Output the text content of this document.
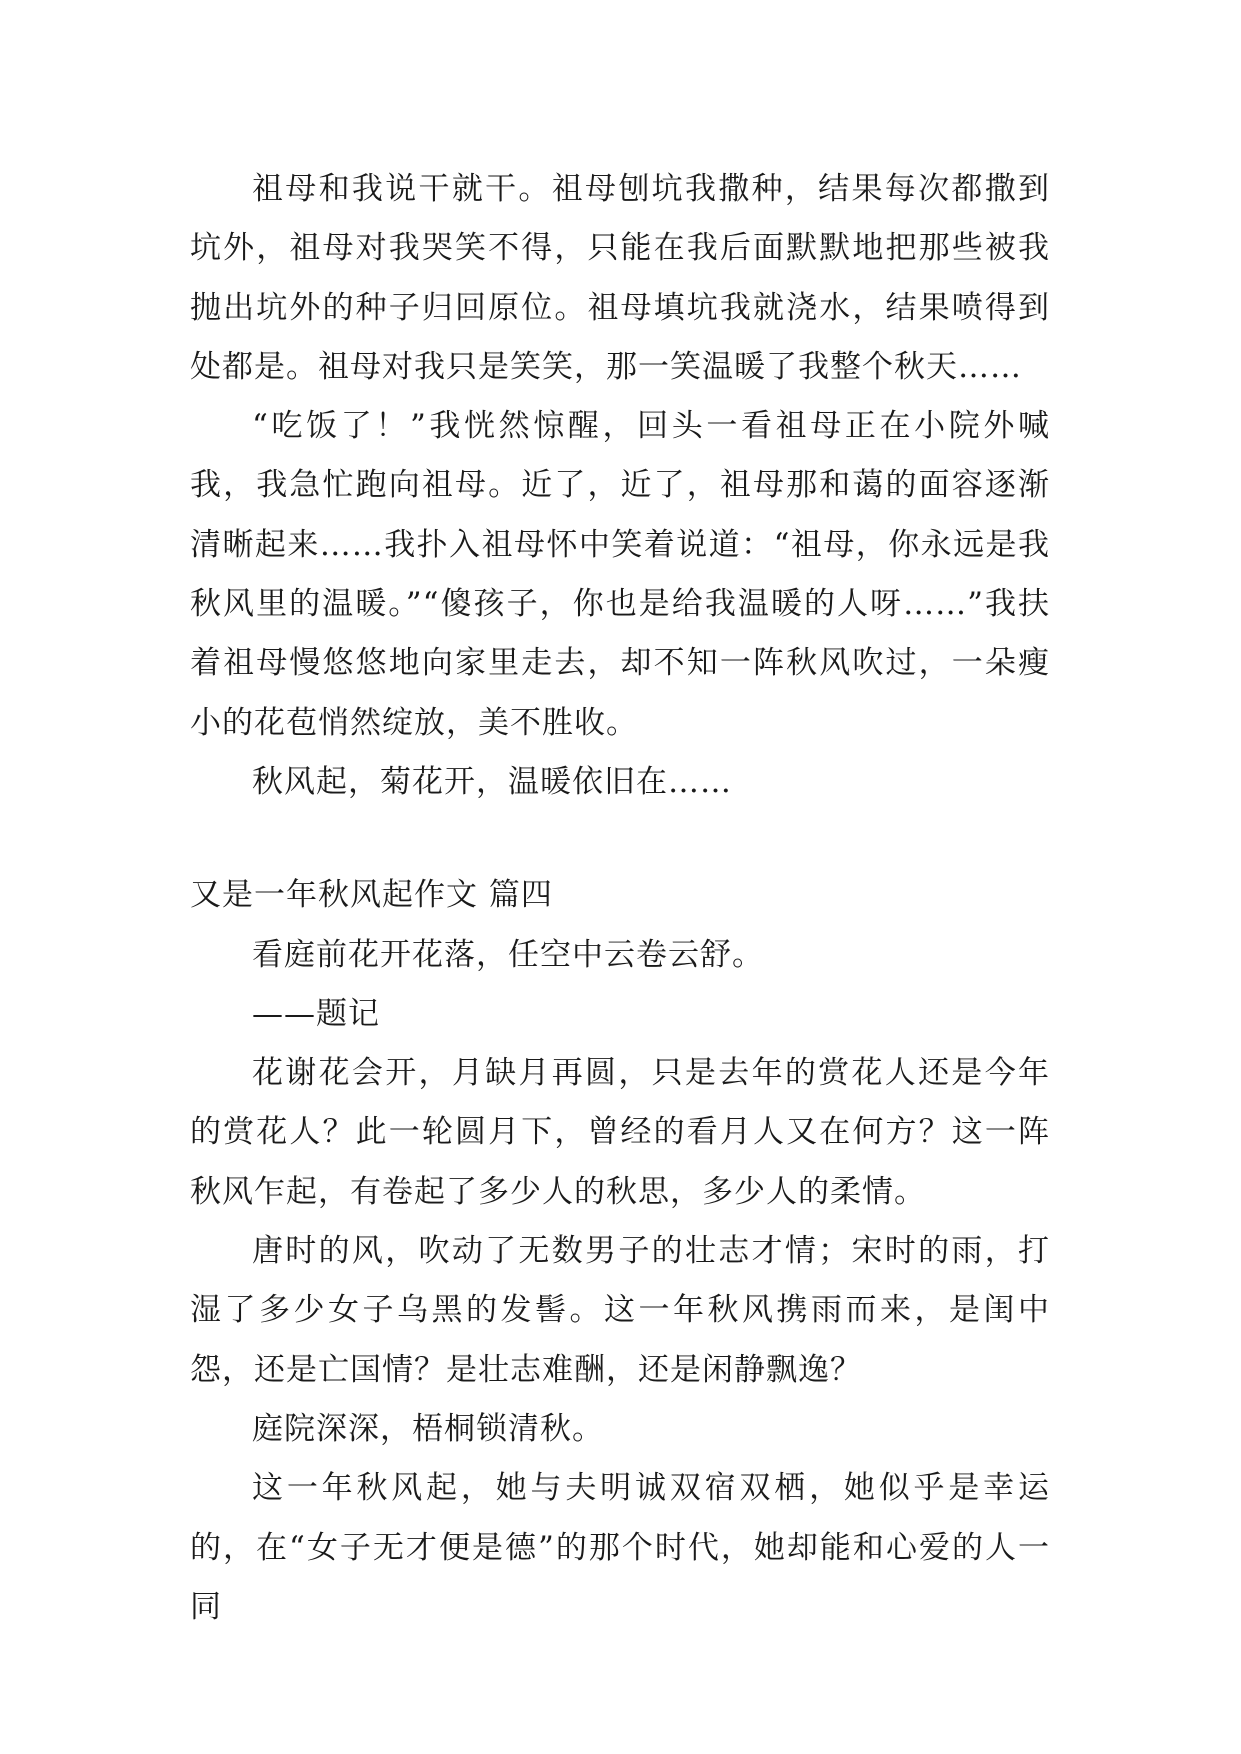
祖母和我说干就干。祖母刨坑我撒种，结果每次都撒到坑外，祖母对我哭笑不得，只能在我后面默默地把那些被我抛出坑外的种子归回原位。祖母填坑我就浇水，结果喷得到处都是。祖母对我只是笑笑，那一笑温暖了我整个秋天……

“吃饭了！”我恍然惊醒，回头一看祖母正在小院外喊我，我急忙跑向祖母。近了，近了，祖母那和蔼的面容逐渐清晰起来……我扑入祖母怀中笑着说道：“祖母，你永远是我秋风里的温暖。”“傻孩子，你也是给我温暖的人呀……”我扶着祖母慢悠悠地向家里走去，却不知一阵秋风吹过，一朵瘦小的花苞悄然绽放，美不胜收。

秋风起，菊花开，温暖依旧在……

又是一年秋风起作文 篇四

看庭前花开花落，任空中云卷云舒。

——题记

花谢花会开，月缺月再圆，只是去年的赏花人还是今年的赏花人？此一轮圆月下，曾经的看月人又在何方？这一阵秋风乍起，有卷起了多少人的秋思，多少人的柔情。

唐时的风，吹动了无数男子的壮志才情；宋时的雨，打湿了多少女子乌黑的发髻。这一年秋风携雨而来，是闺中怨，还是亡国情？是壮志难酬，还是闲静飘逸？

庭院深深，梧桐锁清秋。

这一年秋风起，她与夫明诚双宿双栖，她似乎是幸运的，在“女子无才便是德”的那个时代，她却能和心爱的人一同
